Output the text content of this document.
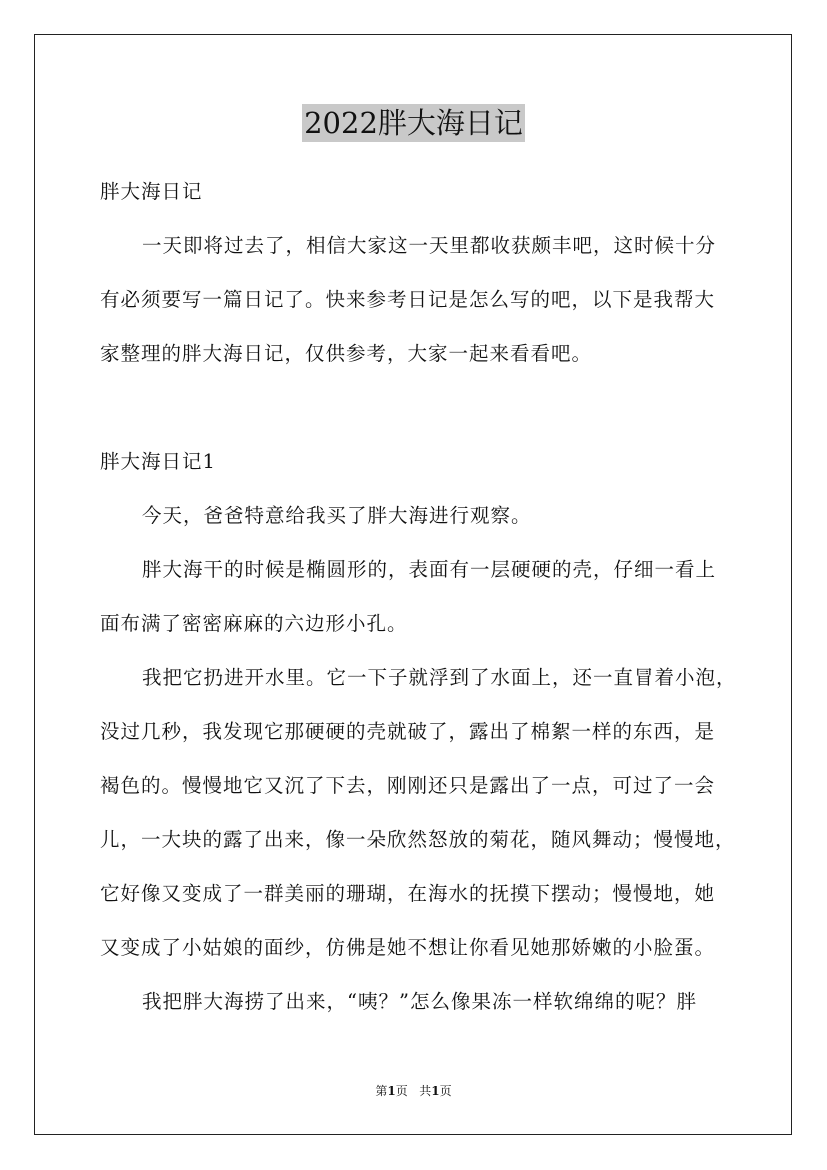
2022胖大海日记
胖大海日记
一天即将过去了，相信大家这一天里都收获颇丰吧，这时候十分
有必须要写一篇日记了。快来参考日记是怎么写的吧，以下是我帮大
家整理的胖大海日记，仅供参考，大家一起来看看吧。
胖大海日记1
今天，爸爸特意给我买了胖大海进行观察。
胖大海干的时候是椭圆形的，表面有一层硬硬的壳，仔细一看上
面布满了密密麻麻的六边形小孔。
我把它扔进开水里。它一下子就浮到了水面上，还一直冒着小泡，
没过几秒，我发现它那硬硬的壳就破了，露出了棉絮一样的东西，是
褐色的。慢慢地它又沉了下去，刚刚还只是露出了一点，可过了一会
儿，一大块的露了出来，像一朵欣然怒放的菊花，随风舞动；慢慢地，
它好像又变成了一群美丽的珊瑚，在海水的抚摸下摆动；慢慢地，她
又变成了小姑娘的面纱，仿佛是她不想让你看见她那娇嫩的小脸蛋。
我把胖大海捞了出来，“咦？”怎么像果冻一样软绵绵的呢？胖
第1页   共1页
